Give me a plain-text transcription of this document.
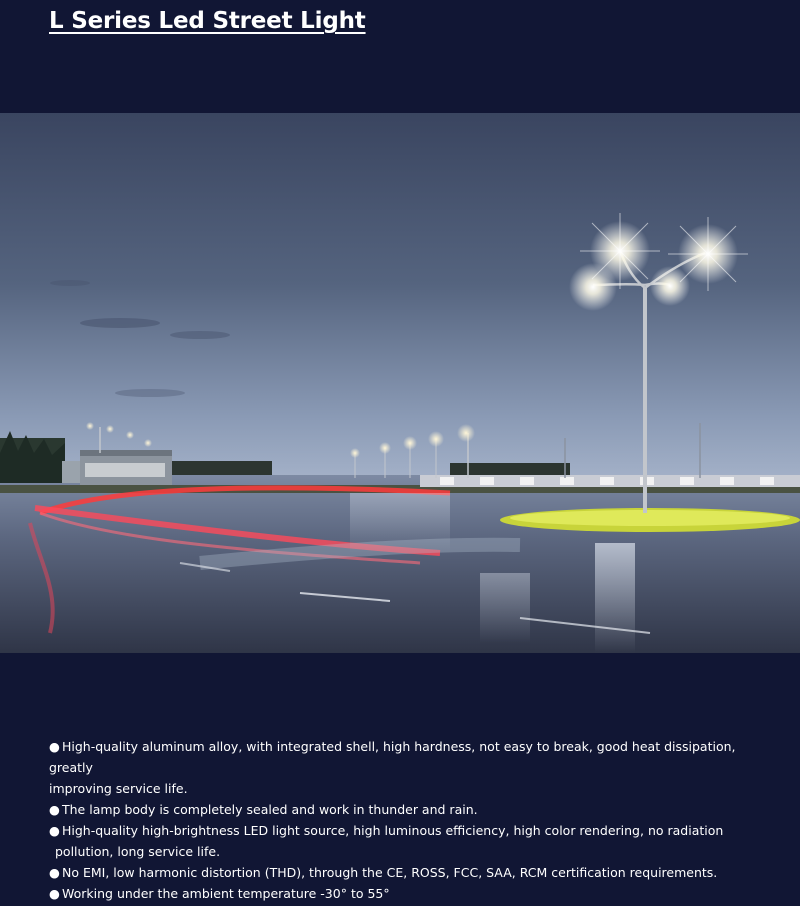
L Series Led Street Light
● High-quality aluminum alloy, with integrated shell, high hardness, not easy to break, good heat dissipation, greatly
improving service life.
● The lamp body is completely sealed and work in thunder and rain.
● High-quality high-brightness LED light source, high luminous efficiency, high color rendering, no radiation
pollution, long service life.
● No EMI, low harmonic distortion (THD), through the CE, ROSS, FCC, SAA, RCM certification requirements.
● Working under the ambient temperature -30° to 55°
